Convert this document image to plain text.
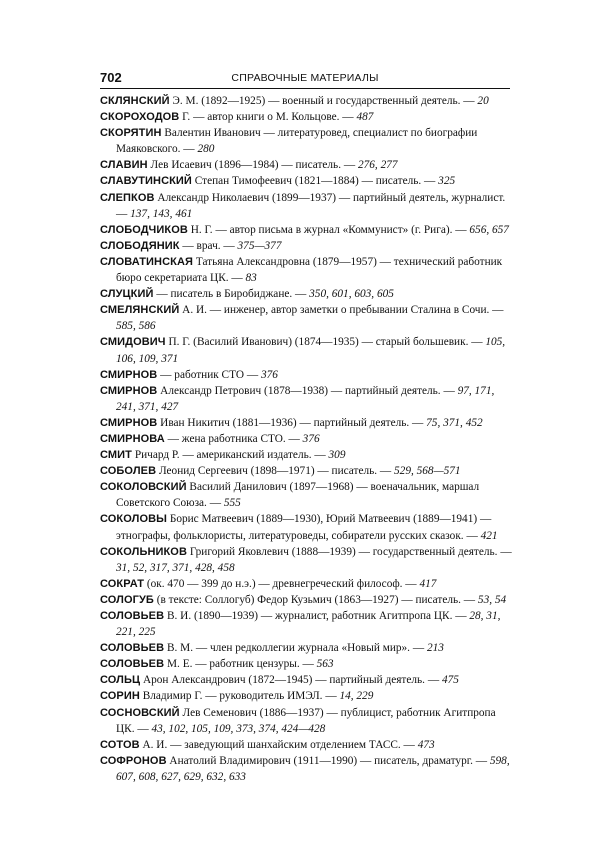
702	СПРАВОЧНЫЕ МАТЕРИАЛЫ

СКЛЯНСКИЙ Э. М. (1892—1925) — военный и государственный деятель. — 20

СКОРОХОДОВ Г. — автор книги о М. Кольцове. — 487

СКОРЯТИН Валентин Иванович — литературовед, специалист по биографии Маяковского. — 280

СЛАВИН Лев Исаевич (1896—1984) — писатель. — 276, 277

СЛАВУТИНСКИЙ Степан Тимофеевич (1821—1884) — писатель. — 325

СЛЕПКОВ Александр Николаевич (1899—1937) — партийный деятель, журналист. — 137, 143, 461

СЛОБОДЧИКОВ Н. Г. — автор письма в журнал «Коммунист» (г. Рига). — 656, 657

СЛОБОДЯНИК — врач. — 375—377

СЛОВАТИНСКАЯ Татьяна Александровна (1879—1957) — технический работник бюро секретариата ЦК. — 83

СЛУЦКИЙ — писатель в Биробиджане. — 350, 601, 603, 605

СМЕЛЯНСКИЙ А. И. — инженер, автор заметки о пребывании Сталина в Сочи. — 585, 586

СМИДОВИЧ П. Г. (Василий Иванович) (1874—1935) — старый большевик. — 105, 106, 109, 371

СМИРНОВ — работник СТО — 376

СМИРНОВ Александр Петрович (1878—1938) — партийный деятель. — 97, 171, 241, 371, 427

СМИРНОВ Иван Никитич (1881—1936) — партийный деятель. — 75, 371, 452

СМИРНОВА — жена работника СТО. — 376

СМИТ Ричард Р. — американский издатель. — 309

СОБОЛЕВ Леонид Сергеевич (1898—1971) — писатель. — 529, 568—571

СОКОЛОВСКИЙ Василий Данилович (1897—1968) — военачальник, маршал Советского Союза. — 555

СОКОЛОВЫ Борис Матвеевич (1889—1930), Юрий Матвеевич (1889—1941) — этнографы, фольклористы, литературоведы, собиратели русских сказок. — 421

СОКОЛЬНИКОВ Григорий Яковлевич (1888—1939) — государственный деятель. — 31, 52, 317, 371, 428, 458

СОКРАТ (ок. 470 — 399 до н.э.) — древнегреческий философ. — 417

СОЛОГУБ (в тексте: Соллогуб) Федор Кузьмич (1863—1927) — писатель. — 53, 54

СОЛОВЬЕВ В. И. (1890—1939) — журналист, работник Агитпропа ЦК. — 28, 31, 221, 225

СОЛОВЬЕВ В. М. — член редколлегии журнала «Новый мир». — 213

СОЛОВЬЕВ М. Е. — работник цензуры. — 563

СОЛЬЦ Арон Александрович (1872—1945) — партийный деятель. — 475

СОРИН Владимир Г. — руководитель ИМЭЛ. — 14, 229

СОСНОВСКИЙ Лев Семенович (1886—1937) — публицист, работник Агитпропа ЦК. — 43, 102, 105, 109, 373, 374, 424—428

СОТОВ А. И. — заведующий шанхайским отделением ТАСС. — 473

СОФРОНОВ Анатолий Владимирович (1911—1990) — писатель, драматург. — 598, 607, 608, 627, 629, 632, 633
